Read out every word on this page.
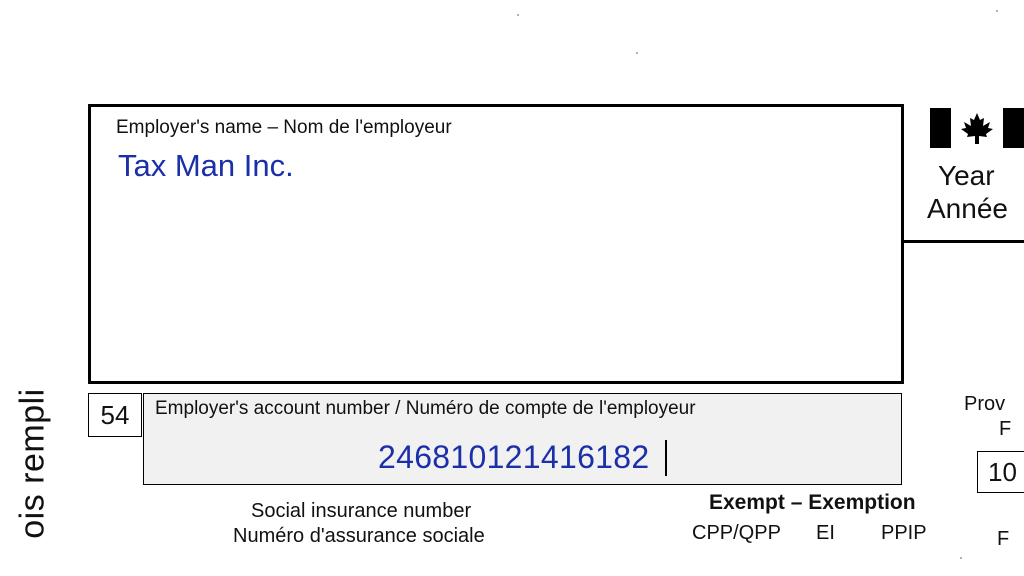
ois rempli
Employer's name – Nom de l'employeur
Tax Man Inc.
54	Employer's account number / Numéro de compte de l'employeur
246810121416182
Social insurance number
Numéro d'assurance sociale
Exempt – Exemption
CPP/QPP EI PPIP
Year
Année
Prov
F
10
F
